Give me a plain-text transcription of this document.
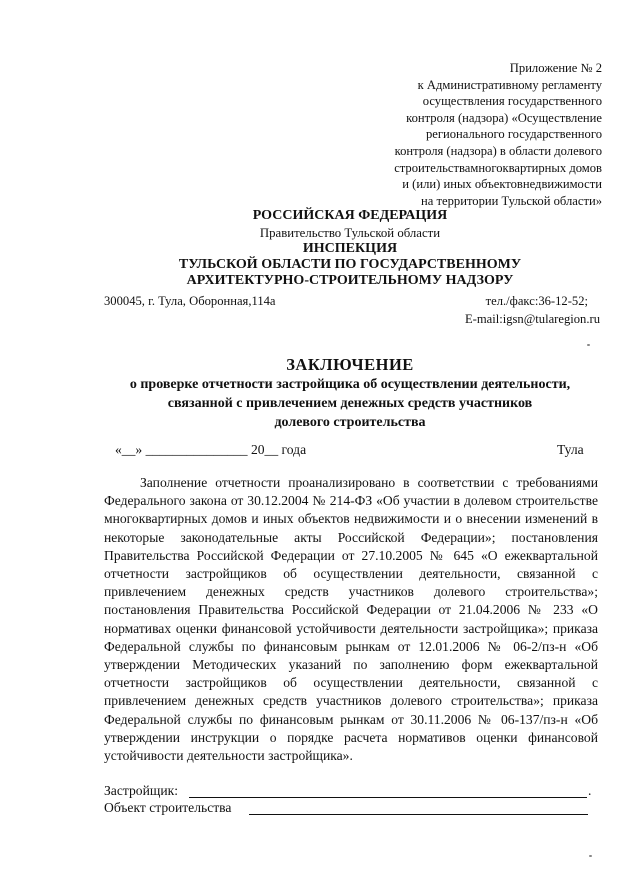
Приложение № 2
к Административному регламенту
осуществления государственного
контроля (надзора) «Осуществление
регионального государственного
контроля (надзора) в области долевого
строительствамногоквартирных домов
и (или) иных объектовнедвижимости
на территории Тульской области»
РОССИЙСКАЯ ФЕДЕРАЦИЯ
Правительство Тульской области
ИНСПЕКЦИЯ
ТУЛЬСКОЙ ОБЛАСТИ ПО ГОСУДАРСТВЕННОМУ
АРХИТЕКТУРНО-СТРОИТЕЛЬНОМУ НАДЗОРУ
300045, г. Тула, Оборонная,114а	тел./факс:36-12-52;
E-mail:igsn@tularegion.ru
ЗАКЛЮЧЕНИЕ
о проверке отчетности застройщика об осуществлении деятельности,
связанной с привлечением денежных средств участников
долевого строительства
«__» _______________ 20__ года	Тула
Заполнение отчетности проанализировано в соответствии с требованиями Федерального закона от 30.12.2004 № 214-ФЗ «Об участии в долевом строительстве многоквартирных домов и иных объектов недвижимости и о внесении изменений в некоторые законодательные акты Российской Федерации»; постановления Правительства Российской Федерации от 27.10.2005 № 645 «О ежеквартальной отчетности застройщиков об осуществлении деятельности, связанной с привлечением денежных средств участников долевого строительства»; постановления Правительства Российской Федерации от 21.04.2006 № 233 «О нормативах оценки финансовой устойчивости деятельности застройщика»; приказа Федеральной службы по финансовым рынкам от 12.01.2006 № 06-2/пз-н «Об утверждении Методических указаний по заполнению форм ежеквартальной отчетности застройщиков об осуществлении деятельности, связанной с привлечением денежных средств участников долевого строительства»; приказа Федеральной службы по финансовым рынкам от 30.11.2006 № 06-137/пз-н «Об утверждении инструкции о порядке расчета нормативов оценки финансовой устойчивости деятельности застройщика».
Застройщик:	.
Объект строительства
